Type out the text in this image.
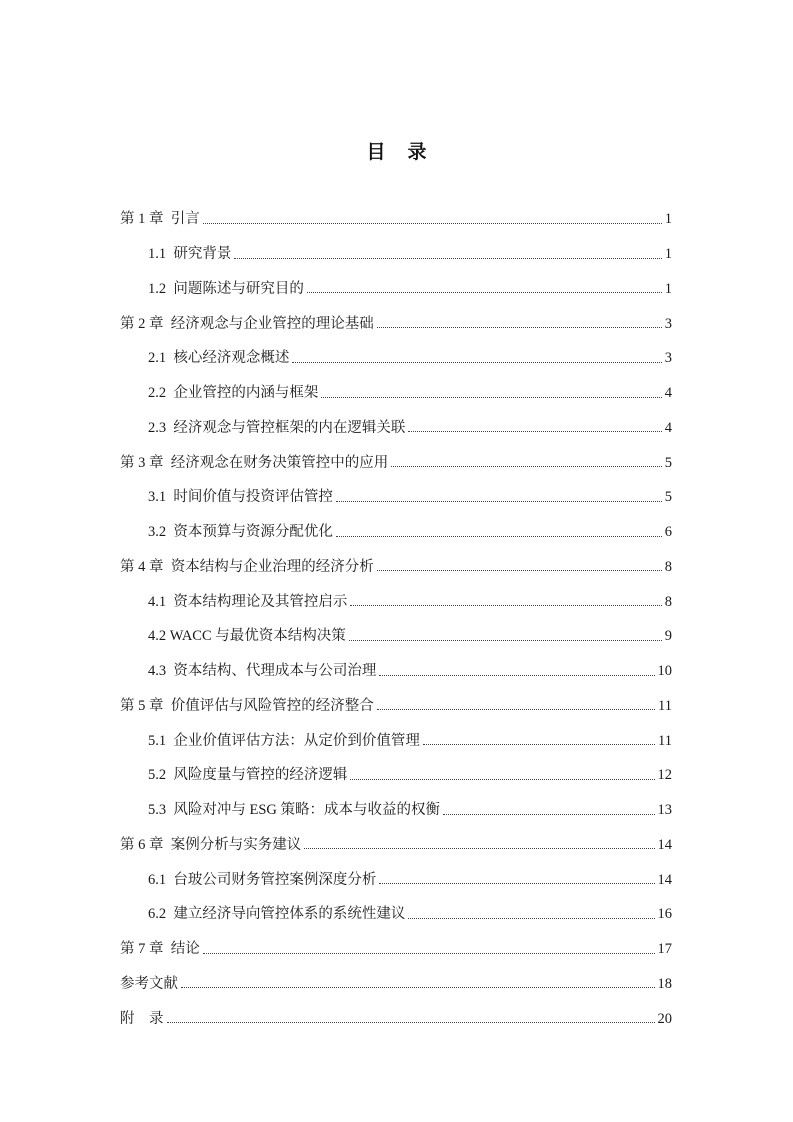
目录
第 1 章 引言	1
1.1 研究背景	1
1.2 问题陈述与研究目的	1
第 2 章 经济观念与企业管控的理论基础	3
2.1 核心经济观念概述	3
2.2 企业管控的内涵与框架	4
2.3 经济观念与管控框架的内在逻辑关联	4
第 3 章 经济观念在财务决策管控中的应用	5
3.1 时间价值与投资评估管控	5
3.2 资本预算与资源分配优化	6
第 4 章 资本结构与企业治理的经济分析	8
4.1 资本结构理论及其管控启示	8
4.2 WACC 与最优资本结构决策	9
4.3 资本结构、代理成本与公司治理	10
第 5 章 价值评估与风险管控的经济整合	11
5.1 企业价值评估方法：从定价到价值管理	11
5.2 风险度量与管控的经济逻辑	12
5.3 风险对冲与 ESG 策略：成本与收益的权衡	13
第 6 章 案例分析与实务建议	14
6.1 台玻公司财务管控案例深度分析	14
6.2 建立经济导向管控体系的系统性建议	16
第 7 章 结论	17
参考文献	18
附　录	20
